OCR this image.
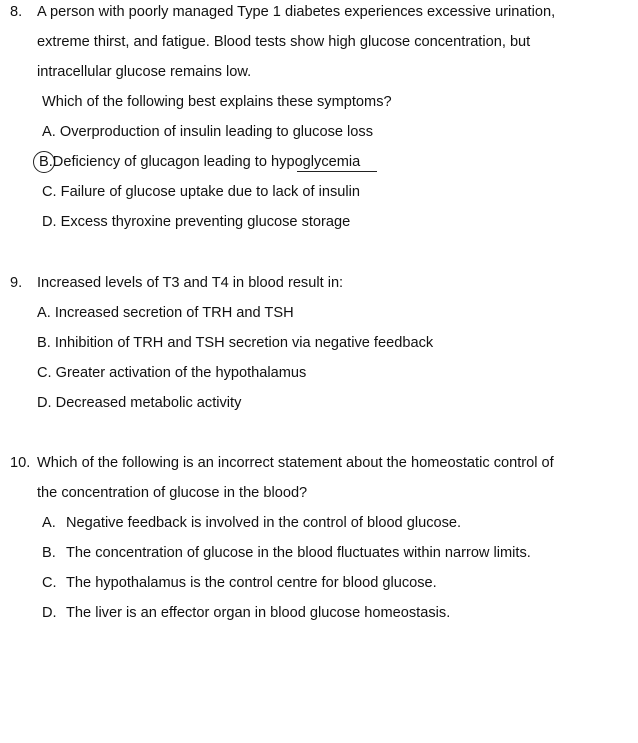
8. A person with poorly managed Type 1 diabetes experiences excessive urination,
extreme thirst, and fatigue. Blood tests show high glucose concentration, but
intracellular glucose remains low.
Which of the following best explains these symptoms?
A. Overproduction of insulin leading to glucose loss
B.Deficiency of glucagon leading to hypoglycemia
C. Failure of glucose uptake due to lack of insulin
D. Excess thyroxine preventing glucose storage
9. Increased levels of T3 and T4 in blood result in:
A. Increased secretion of TRH and TSH
B. Inhibition of TRH and TSH secretion via negative feedback
C. Greater activation of the hypothalamus
D. Decreased metabolic activity
10. Which of the following is an incorrect statement about the homeostatic control of
the concentration of glucose in the blood?
A. Negative feedback is involved in the control of blood glucose.
B. The concentration of glucose in the blood fluctuates within narrow limits.
C. The hypothalamus is the control centre for blood glucose.
D. The liver is an effector organ in blood glucose homeostasis.
